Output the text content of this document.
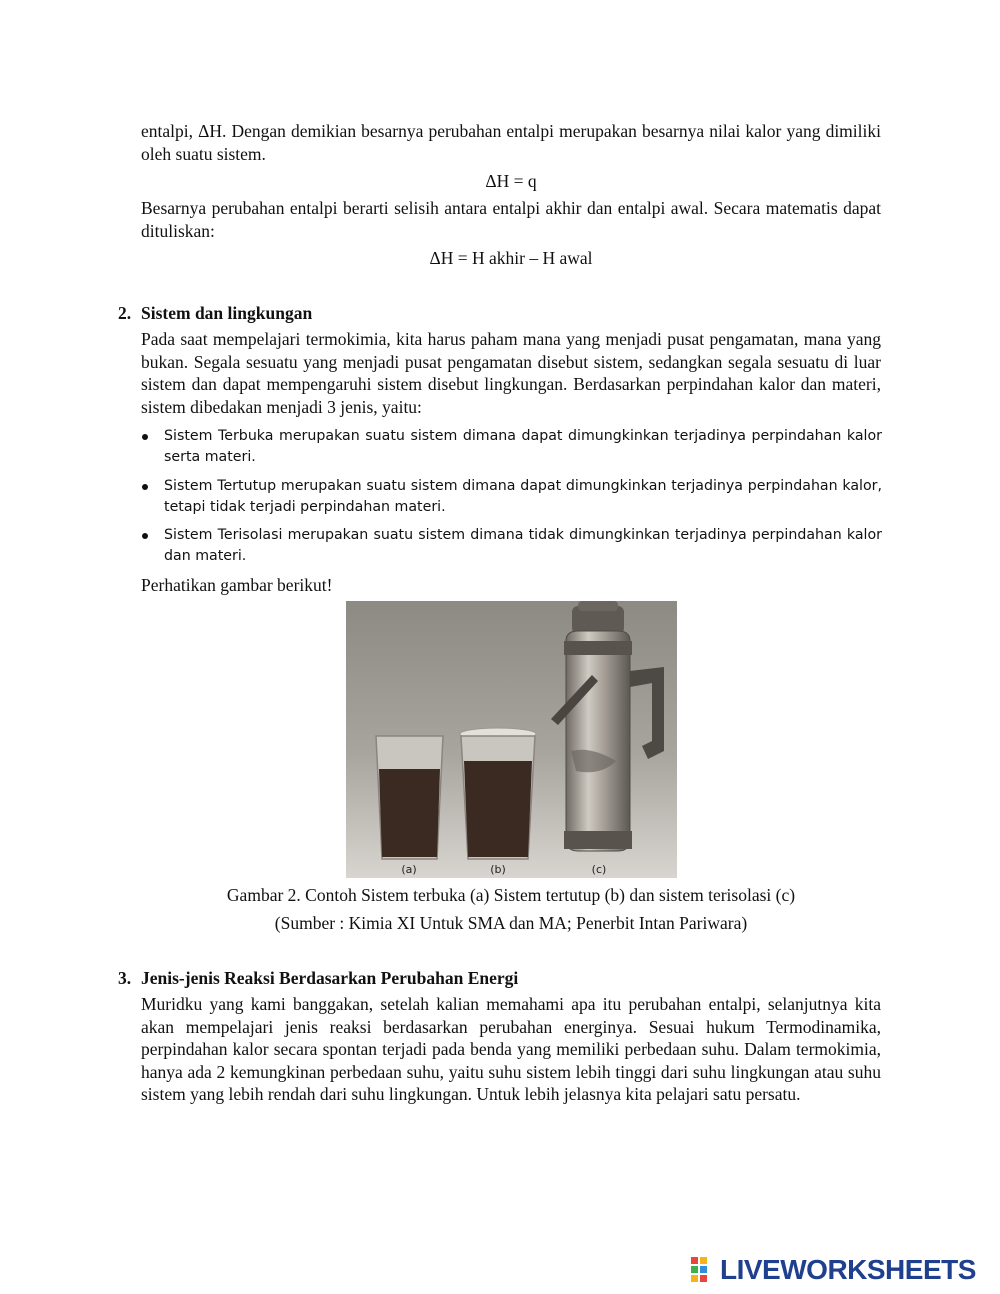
entalpi, ΔH. Dengan demikian besarnya perubahan entalpi merupakan besarnya nilai kalor yang dimiliki oleh suatu sistem.

ΔH = q

Besarnya perubahan entalpi berarti selisih antara entalpi akhir dan entalpi awal. Secara matematis dapat dituliskan:

ΔH = H akhir – H awal

2. Sistem dan lingkungan

Pada saat mempelajari termokimia, kita harus paham mana yang menjadi pusat pengamatan, mana yang bukan. Segala sesuatu yang menjadi pusat pengamatan disebut sistem, sedangkan segala sesuatu di luar sistem dan dapat mempengaruhi sistem disebut lingkungan. Berdasarkan perpindahan kalor dan materi, sistem dibedakan menjadi 3 jenis, yaitu:

Sistem Terbuka merupakan suatu sistem dimana dapat dimungkinkan terjadinya perpindahan kalor serta materi.

Sistem Tertutup merupakan suatu sistem dimana dapat dimungkinkan terjadinya perpindahan kalor, tetapi tidak terjadi perpindahan materi.

Sistem Terisolasi merupakan suatu sistem dimana tidak dimungkinkan terjadinya perpindahan kalor dan materi.

Perhatikan gambar berikut!

(a)	(b)	(c)

Gambar 2. Contoh Sistem terbuka (a) Sistem tertutup (b) dan sistem terisolasi (c)

(Sumber : Kimia XI Untuk SMA dan MA; Penerbit Intan Pariwara)

3. Jenis-jenis Reaksi Berdasarkan Perubahan Energi

Muridku yang kami banggakan, setelah kalian memahami apa itu perubahan entalpi, selanjutnya kita akan mempelajari jenis reaksi berdasarkan perubahan energinya. Sesuai hukum Termodinamika, perpindahan kalor secara spontan terjadi pada benda yang memiliki perbedaan suhu. Dalam termokimia, hanya ada 2 kemungkinan perbedaan suhu, yaitu suhu sistem lebih tinggi dari suhu lingkungan atau suhu sistem yang lebih rendah dari suhu lingkungan. Untuk lebih jelasnya kita pelajari satu persatu.

LIVEWORKSHEETS
